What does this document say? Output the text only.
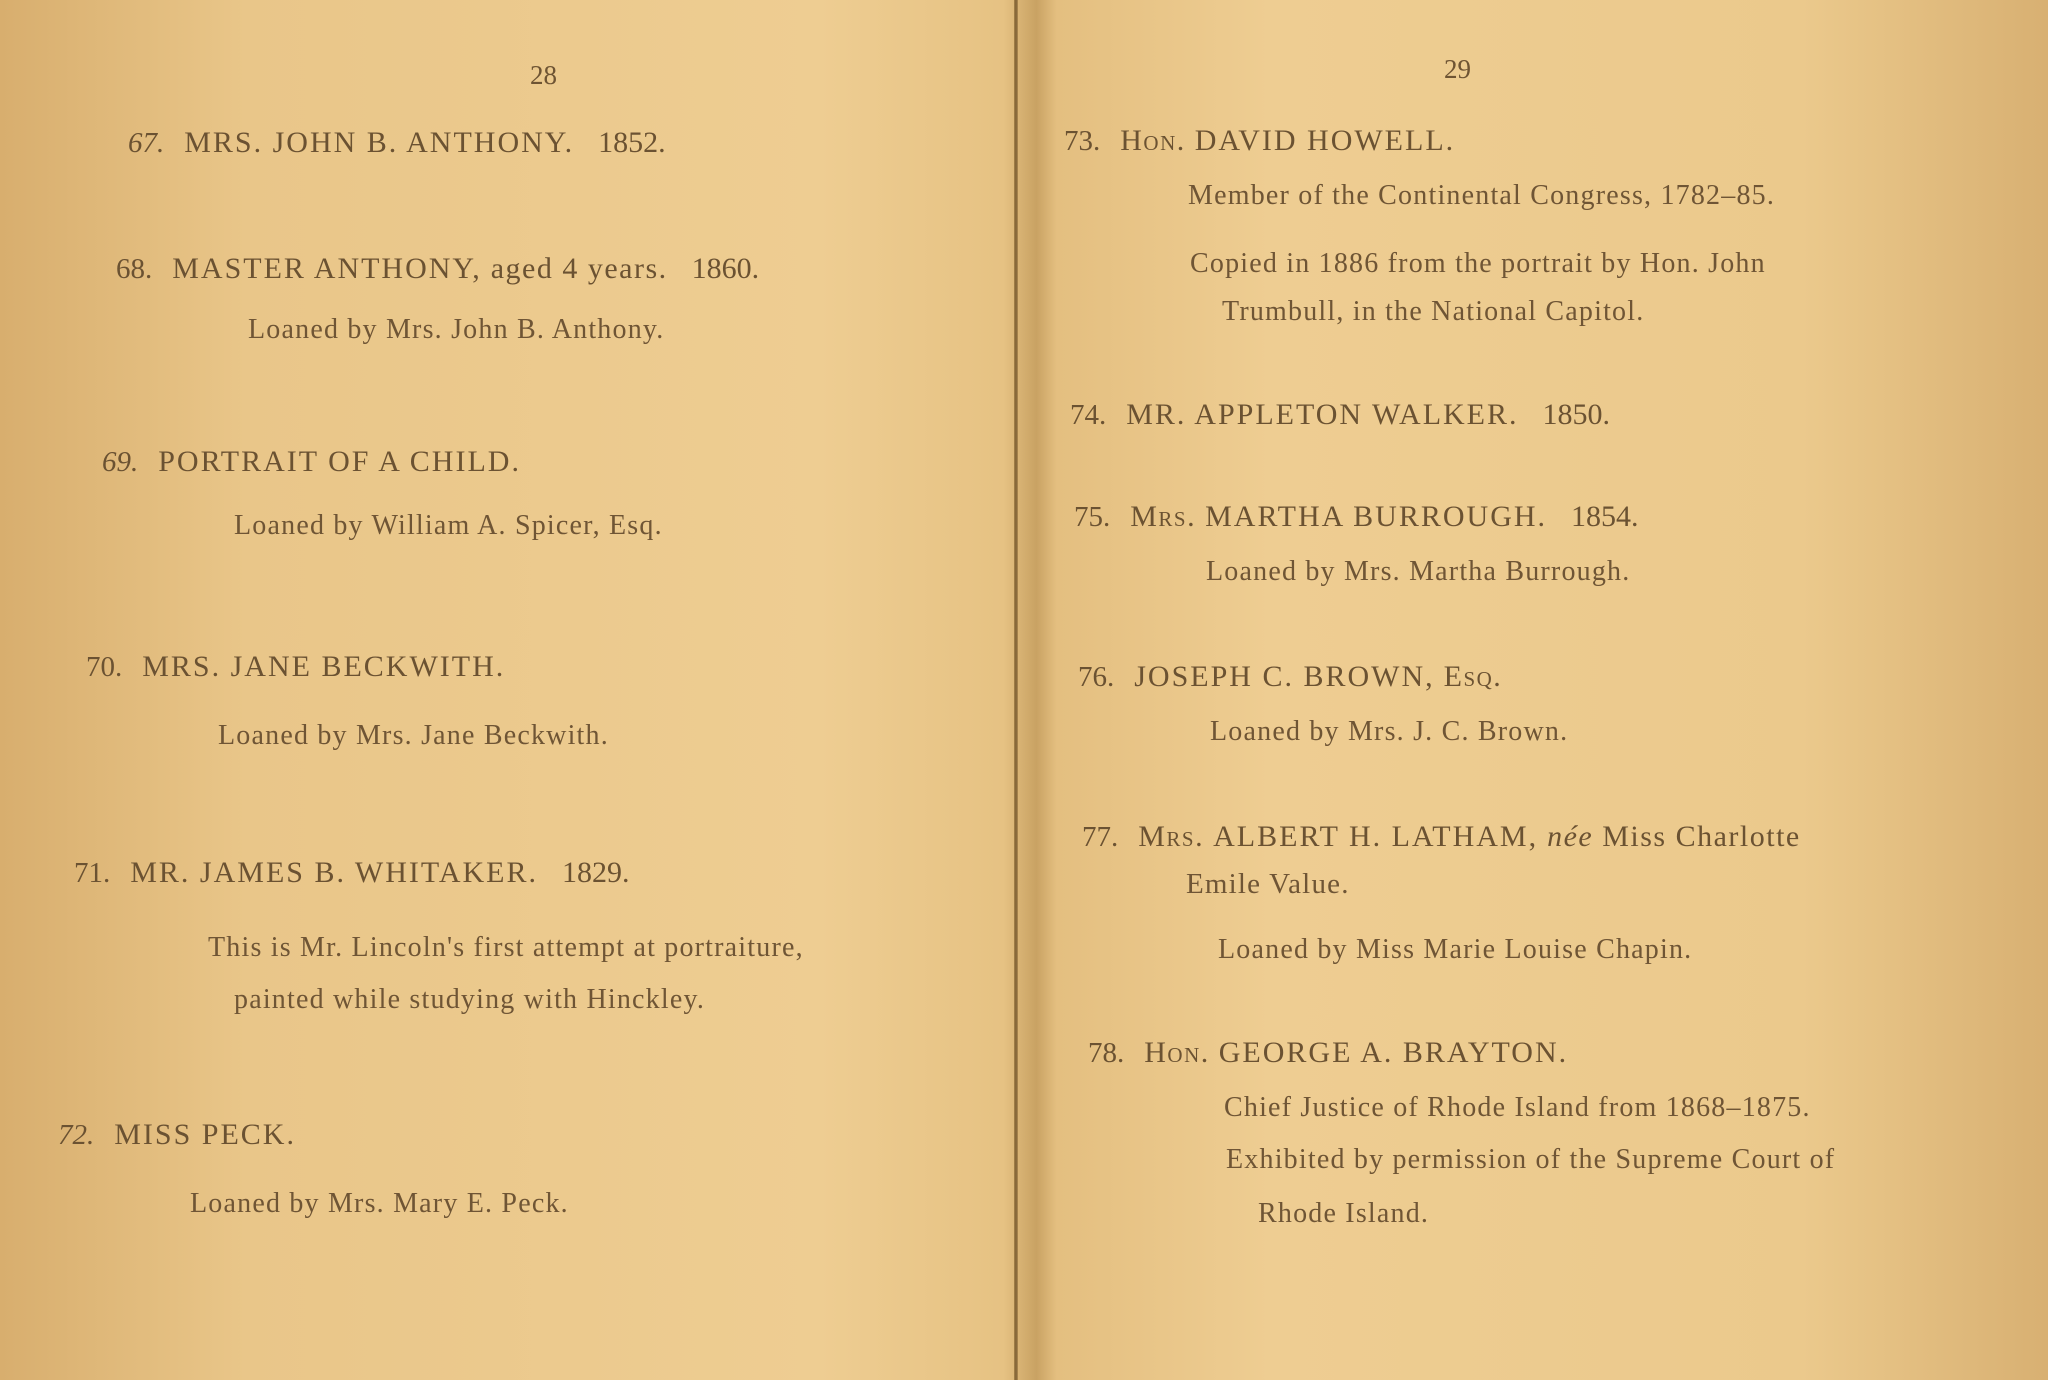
28
67. MRS. JOHN B. ANTHONY. 1852.
68. MASTER ANTHONY, aged 4 years. 1860.
Loaned by Mrs. John B. Anthony.
69. PORTRAIT OF A CHILD.
Loaned by William A. Spicer, Esq.
70. MRS. JANE BECKWITH.
Loaned by Mrs. Jane Beckwith.
71. MR. JAMES B. WHITAKER. 1829.
This is Mr. Lincoln's first attempt at portraiture,
painted while studying with Hinckley.
72. MISS PECK.
Loaned by Mrs. Mary E. Peck.
29
73. Hon. DAVID HOWELL.
Member of the Continental Congress, 1782–85.
Copied in 1886 from the portrait by Hon. John
Trumbull, in the National Capitol.
74. MR. APPLETON WALKER. 1850.
75. Mrs. MARTHA BURROUGH. 1854.
Loaned by Mrs. Martha Burrough.
76. JOSEPH C. BROWN, Esq.
Loaned by Mrs. J. C. Brown.
77. Mrs. ALBERT H. LATHAM, née Miss Charlotte
Emile Value.
Loaned by Miss Marie Louise Chapin.
78. Hon. GEORGE A. BRAYTON.
Chief Justice of Rhode Island from 1868–1875.
Exhibited by permission of the Supreme Court of
Rhode Island.
